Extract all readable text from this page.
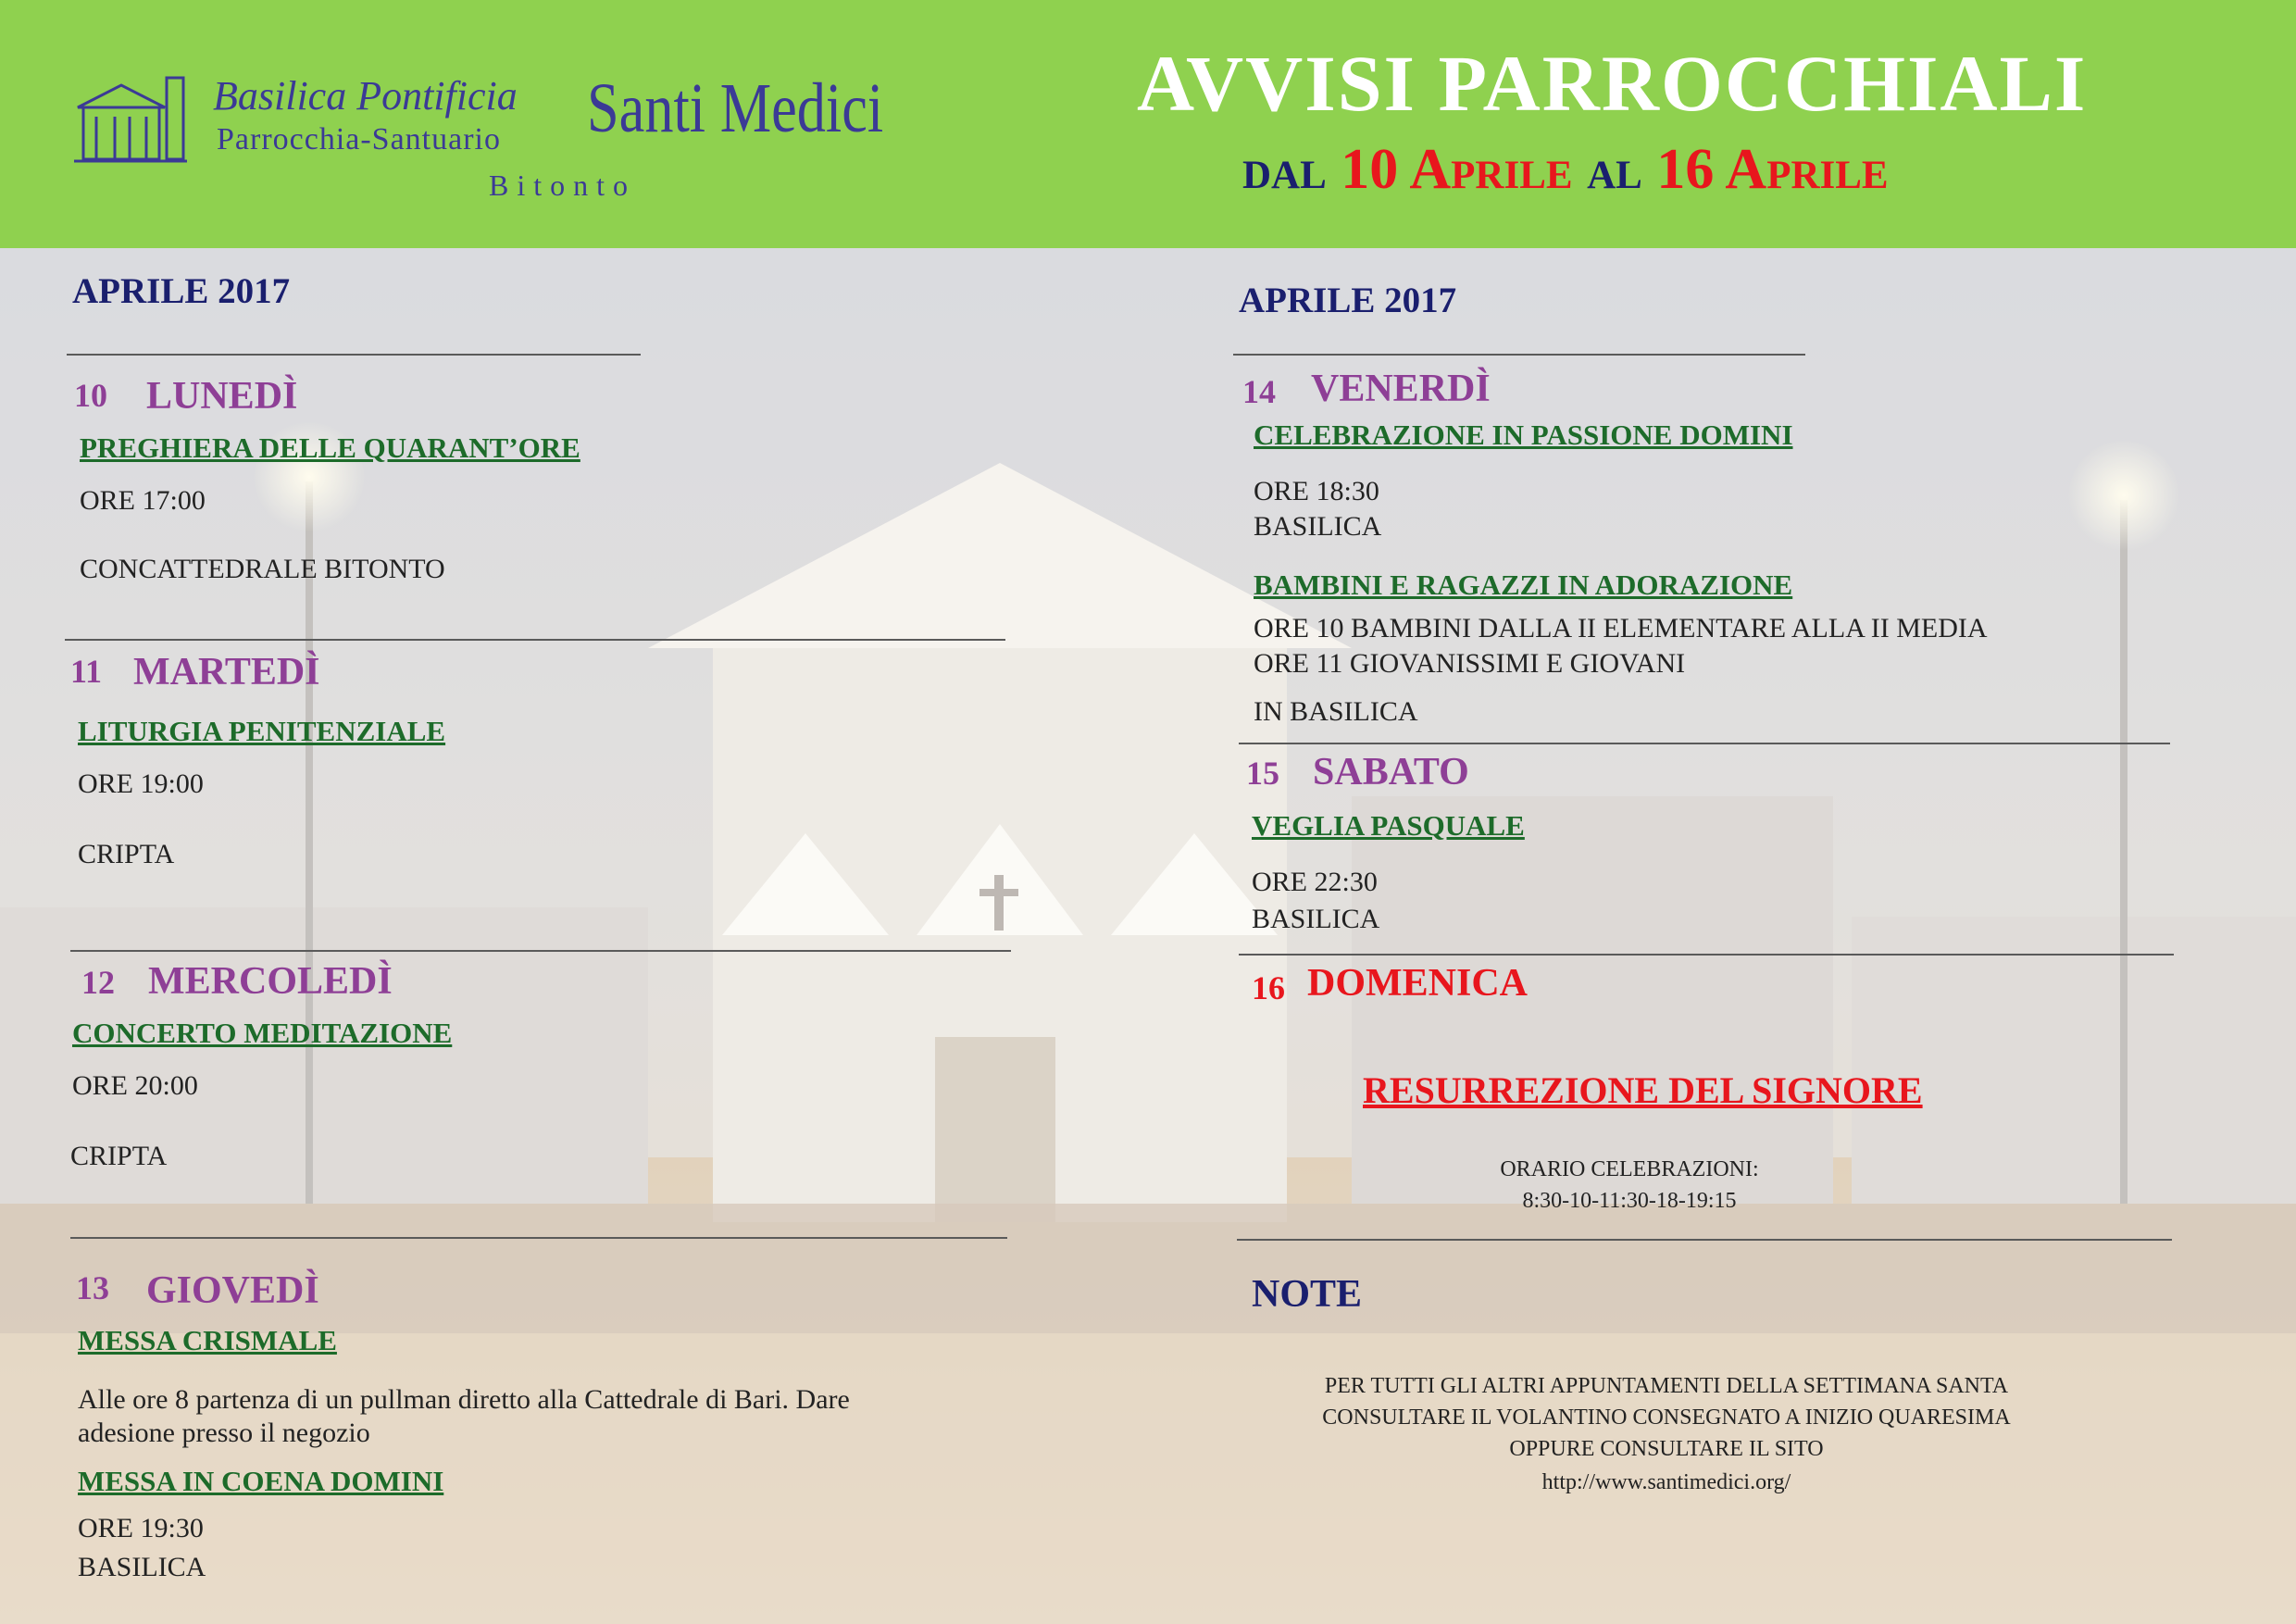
Basilica Pontificia
Parrocchia-Santuario Santi Medici
Bitonto
AVVISI PARROCCHIALI
dal 10 Aprile al 16 Aprile
APRILE 2017
10 LUNEDÌ
PREGHIERA DELLE QUARANT’ORE
ORE 17:00
CONCATTEDRALE BITONTO
11 MARTEDÌ
LITURGIA PENITENZIALE
ORE 19:00
CRIPTA
12 MERCOLEDÌ
CONCERTO MEDITAZIONE
ORE 20:00
CRIPTA
13 GIOVEDÌ
MESSA CRISMALE
Alle ore 8 partenza di un pullman diretto alla Cattedrale di Bari. Dare adesione presso il negozio
MESSA IN COENA DOMINI
ORE 19:30
BASILICA
APRILE 2017
14 VENERDÌ
CELEBRAZIONE IN PASSIONE DOMINI
ORE 18:30
BASILICA
BAMBINI E RAGAZZI IN ADORAZIONE
ORE 10 BAMBINI DALLA II ELEMENTARE ALLA II MEDIA
ORE 11 GIOVANISSIMI E GIOVANI
IN BASILICA
15 SABATO
VEGLIA PASQUALE
ORE 22:30
BASILICA
16 DOMENICA
RESURREZIONE DEL SIGNORE
ORARIO CELEBRAZIONI:
8:30-10-11:30-18-19:15
NOTE
PER TUTTI GLI ALTRI APPUNTAMENTI DELLA SETTIMANA SANTA
CONSULTARE IL VOLANTINO CONSEGNATO A INIZIO QUARESIMA
OPPURE CONSULTARE IL SITO
http://www.santimedici.org/
